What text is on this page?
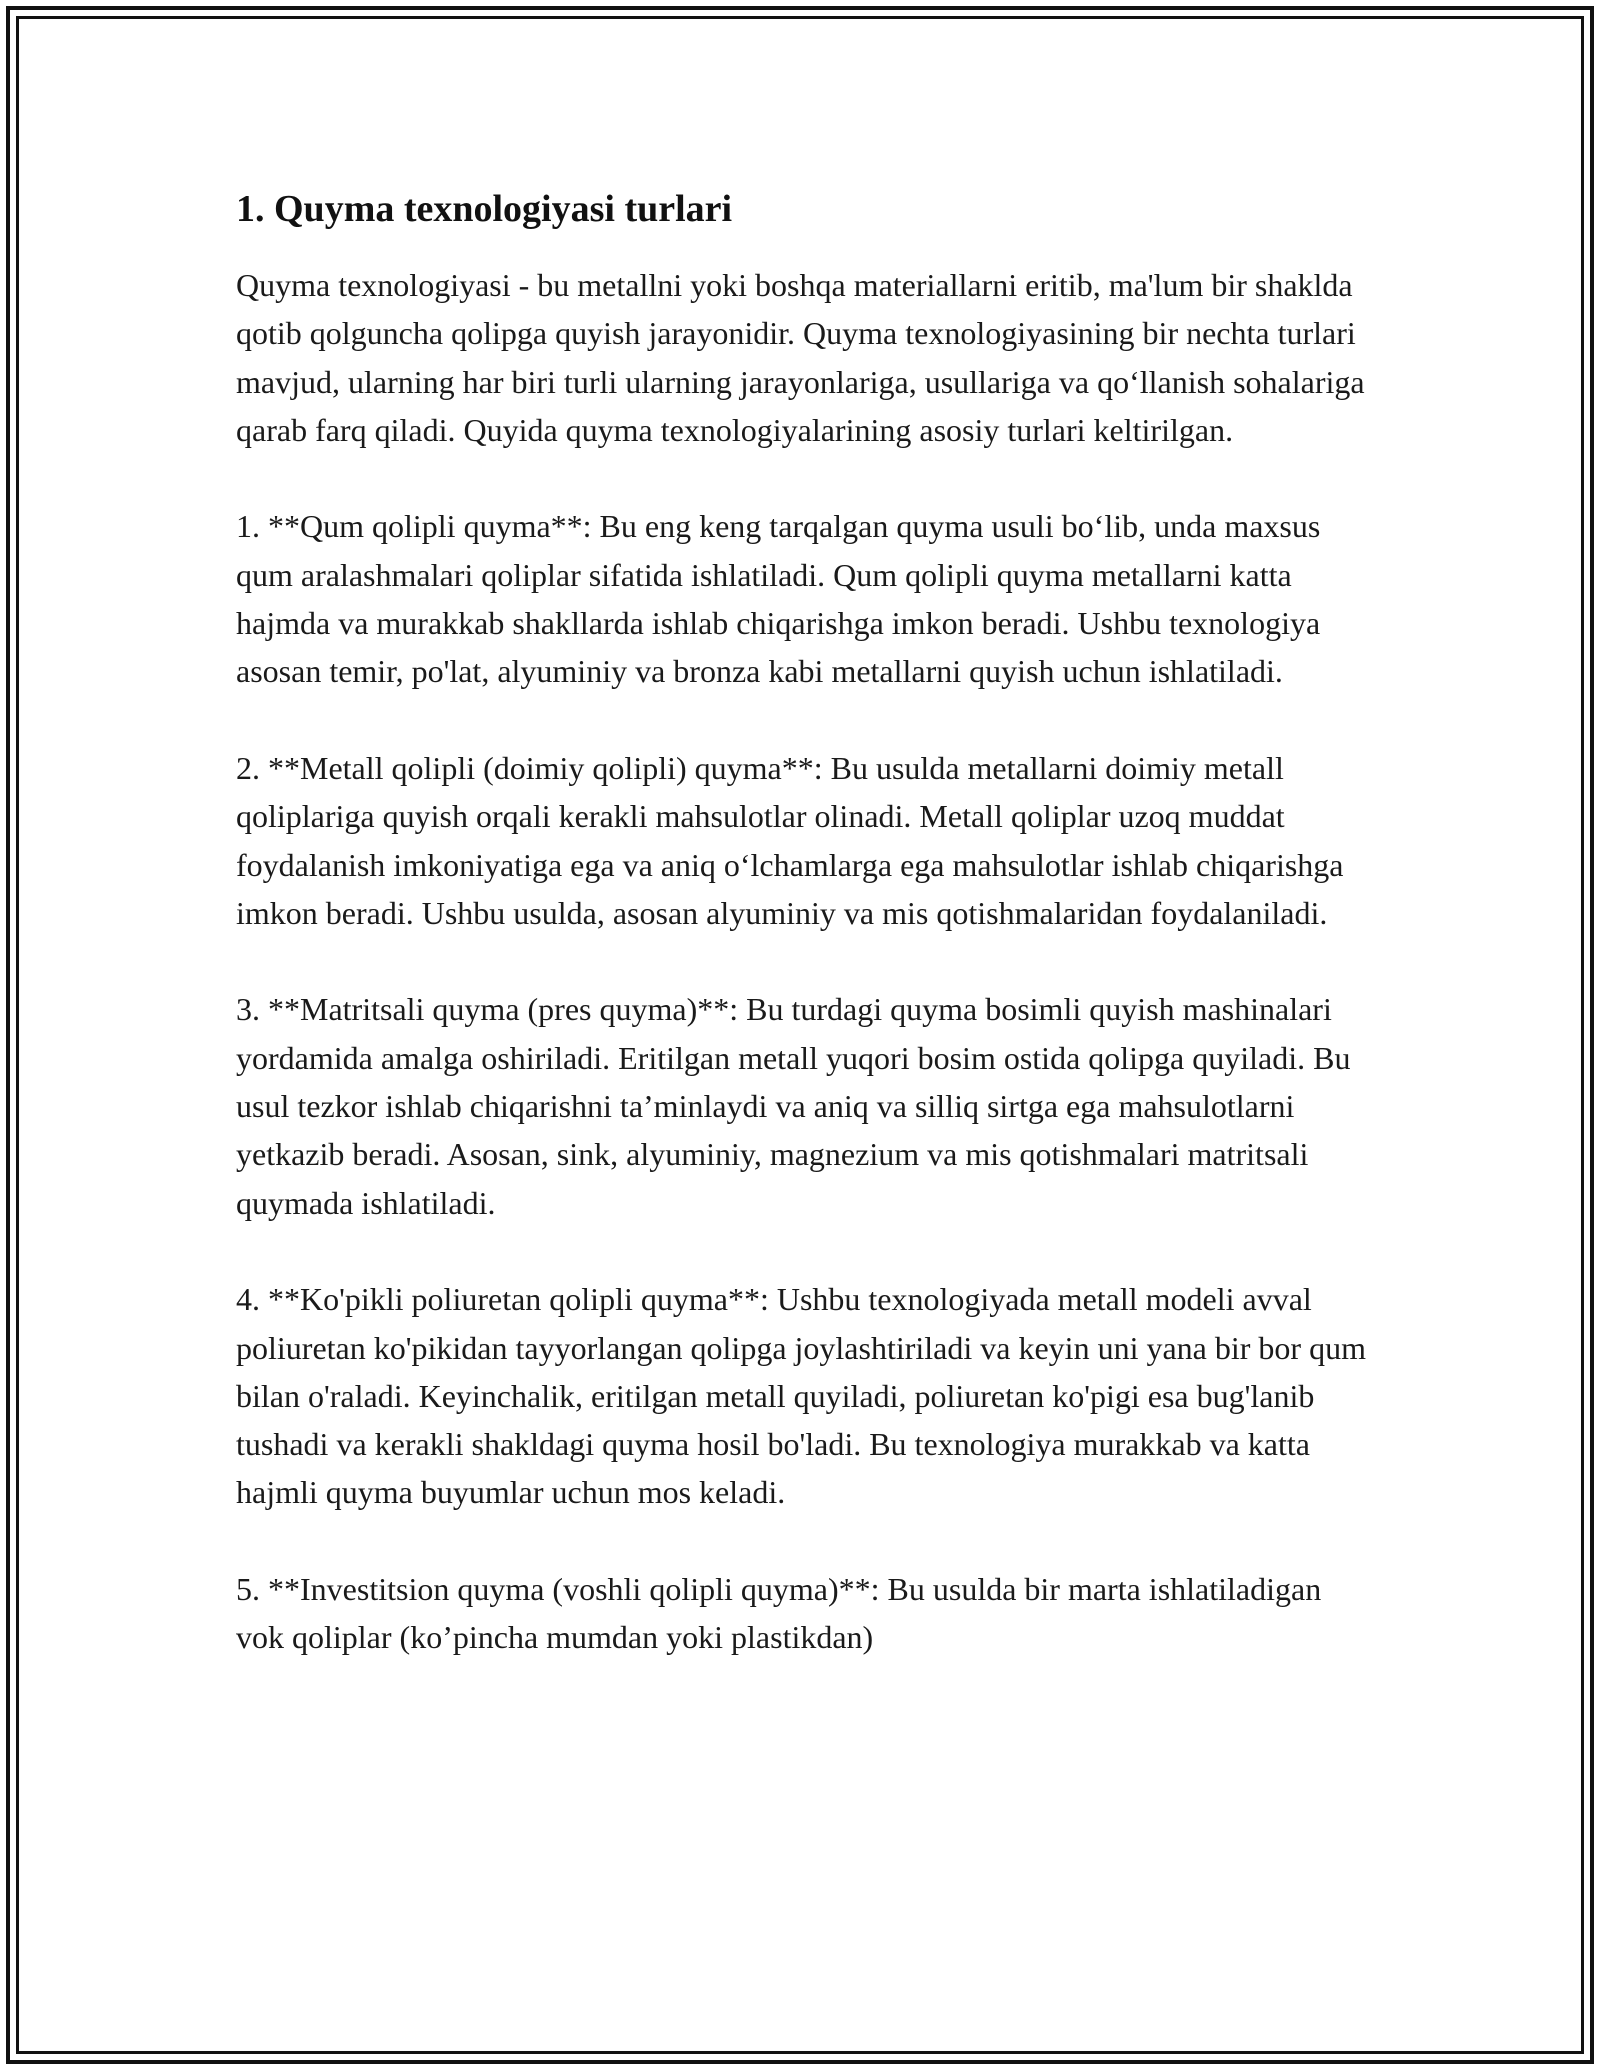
1. Quyma texnologiyasi turlari

Quyma texnologiyasi - bu metallni yoki boshqa materiallarni eritib, ma'lum bir shaklda qotib qolguncha qolipga quyish jarayonidir. Quyma texnologiyasining bir nechta turlari mavjud, ularning har biri turli ularning jarayonlariga, usullariga va qo‘llanish sohalariga qarab farq qiladi. Quyida quyma texnologiyalarining asosiy turlari keltirilgan.

1. **Qum qolipli quyma**: Bu eng keng tarqalgan quyma usuli bo‘lib, unda maxsus qum aralashmalari qoliplar sifatida ishlatiladi. Qum qolipli quyma metallarni katta hajmda va murakkab shakllarda ishlab chiqarishga imkon beradi. Ushbu texnologiya asosan temir, po'lat, alyuminiy va bronza kabi metallarni quyish uchun ishlatiladi.

2. **Metall qolipli (doimiy qolipli) quyma**: Bu usulda metallarni doimiy metall qoliplariga quyish orqali kerakli mahsulotlar olinadi. Metall qoliplar uzoq muddat foydalanish imkoniyatiga ega va aniq o‘lchamlarga ega mahsulotlar ishlab chiqarishga imkon beradi. Ushbu usulda, asosan alyuminiy va mis qotishmalaridan foydalaniladi.

3. **Matritsali quyma (pres quyma)**: Bu turdagi quyma bosimli quyish mashinalari yordamida amalga oshiriladi. Eritilgan metall yuqori bosim ostida qolipga quyiladi. Bu usul tezkor ishlab chiqarishni ta’minlaydi va aniq va silliq sirtga ega mahsulotlarni yetkazib beradi. Asosan, sink, alyuminiy, magnezium va mis qotishmalari matritsali quymada ishlatiladi.

4. **Ko'pikli poliuretan qolipli quyma**: Ushbu texnologiyada metall modeli avval poliuretan ko'pikidan tayyorlangan qolipga joylashtiriladi va keyin uni yana bir bor qum bilan o'raladi. Keyinchalik, eritilgan metall quyiladi, poliuretan ko'pigi esa bug'lanib tushadi va kerakli shakldagi quyma hosil bo'ladi. Bu texnologiya murakkab va katta hajmli quyma buyumlar uchun mos keladi.

5. **Investitsion quyma (voshli qolipli quyma)**: Bu usulda bir marta ishlatiladigan vok qoliplar (ko’pincha mumdan yoki plastikdan)
